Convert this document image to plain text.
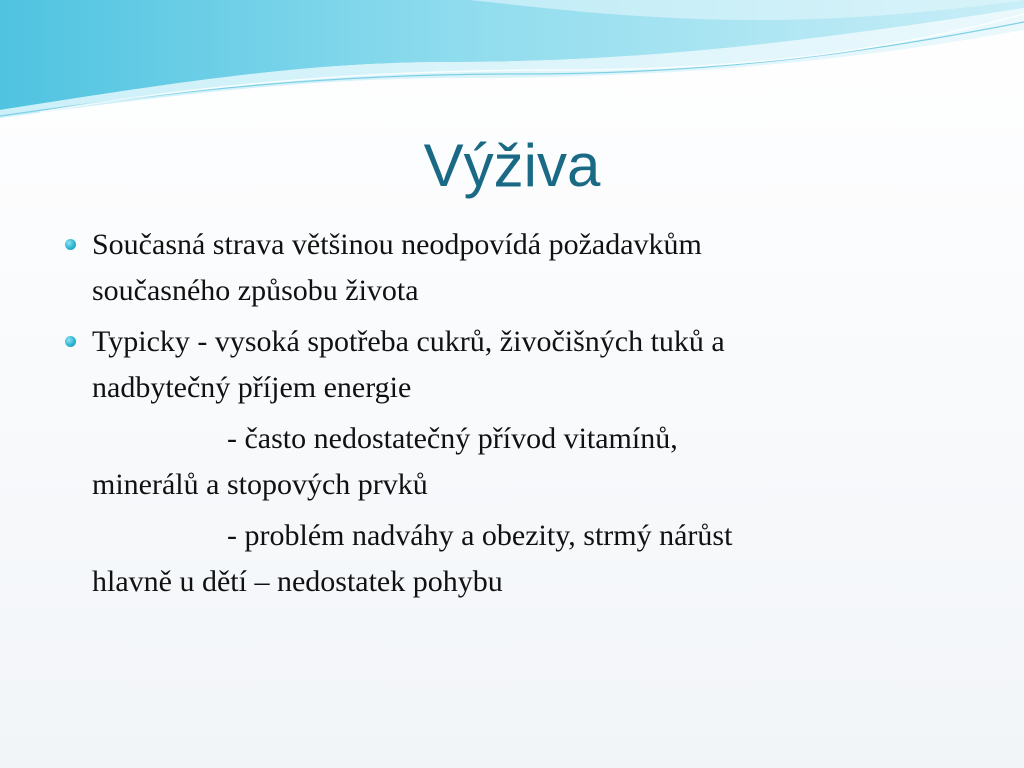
Výživa

Současná strava většinou neodpovídá požadavkům
současného způsobu života

Typicky - vysoká spotřeba cukrů, živočišných tuků a
nadbytečný příjem energie

- často nedostatečný přívod vitamínů,
minerálů a stopových prvků

- problém nadváhy a obezity, strmý nárůst
hlavně u dětí – nedostatek pohybu
